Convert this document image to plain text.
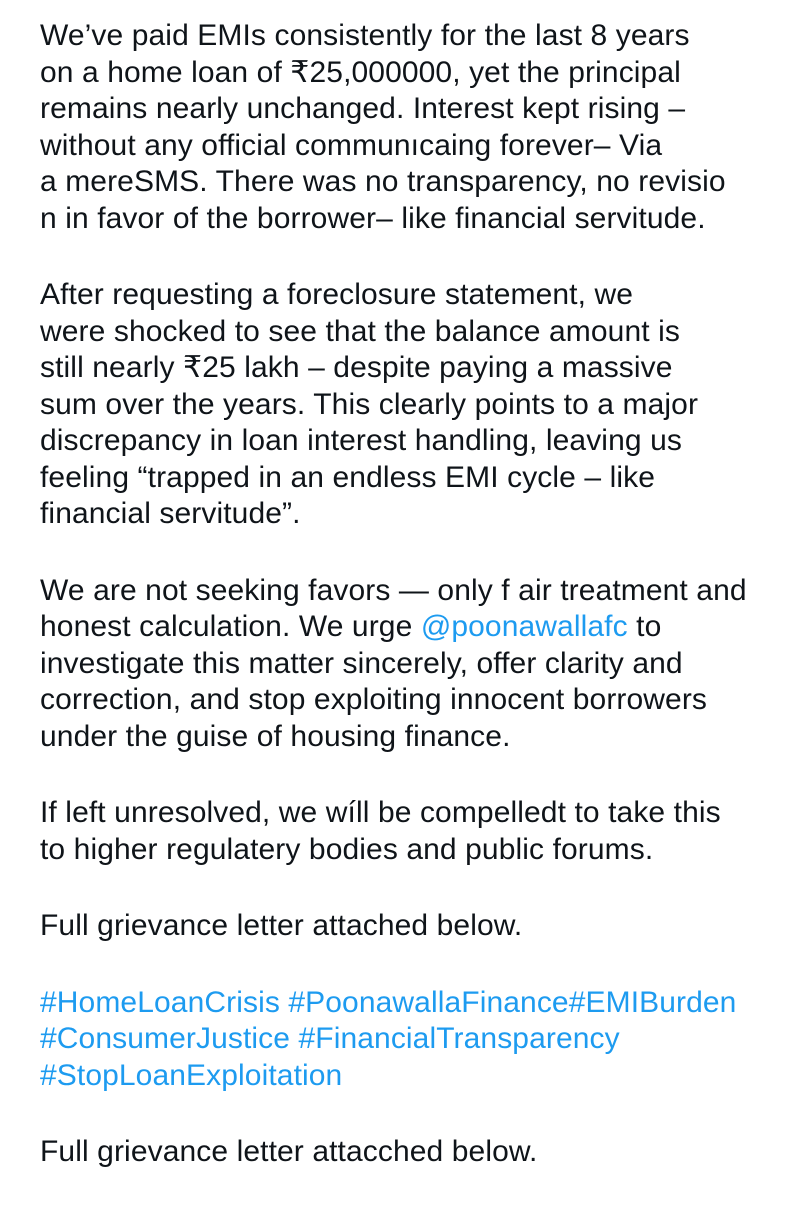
We’ve paid EMIs consistently for the last 8 years
on a home loan of ₹25,000000, yet the principal
remains nearly unchanged. Interest kept rising –
without any official communıcaing forever– Via
a mereSMS. There was no transparency, no revisio
n in favor of the borrower– like financial servitude.
After requesting a foreclosure statement, we
were shocked to see that the balance amount is
still nearly ₹25 lakh – despite paying a massive
sum over the years. This clearly points to a major
discrepancy in loan interest handling, leaving us
feeling “trapped in an endless EMI cycle – like
financial servitude”.
We are not seeking favors — only f air treatment and
honest calculation. We urge @poonawallafc to
investigate this matter sincerely, offer clarity and
correction, and stop exploiting innocent borrowers
under the guise of housing finance.
If left unresolved, we wíll be compelledt to take this
to higher regulatery bodies and public forums.
Full grievance letter attached below.
#HomeLoanCrisis #PoonawallaFinance#EMIBurden
#ConsumerJustice #FinancialTransparency
#StopLoanExploitation
Full grievance letter attacched below.
